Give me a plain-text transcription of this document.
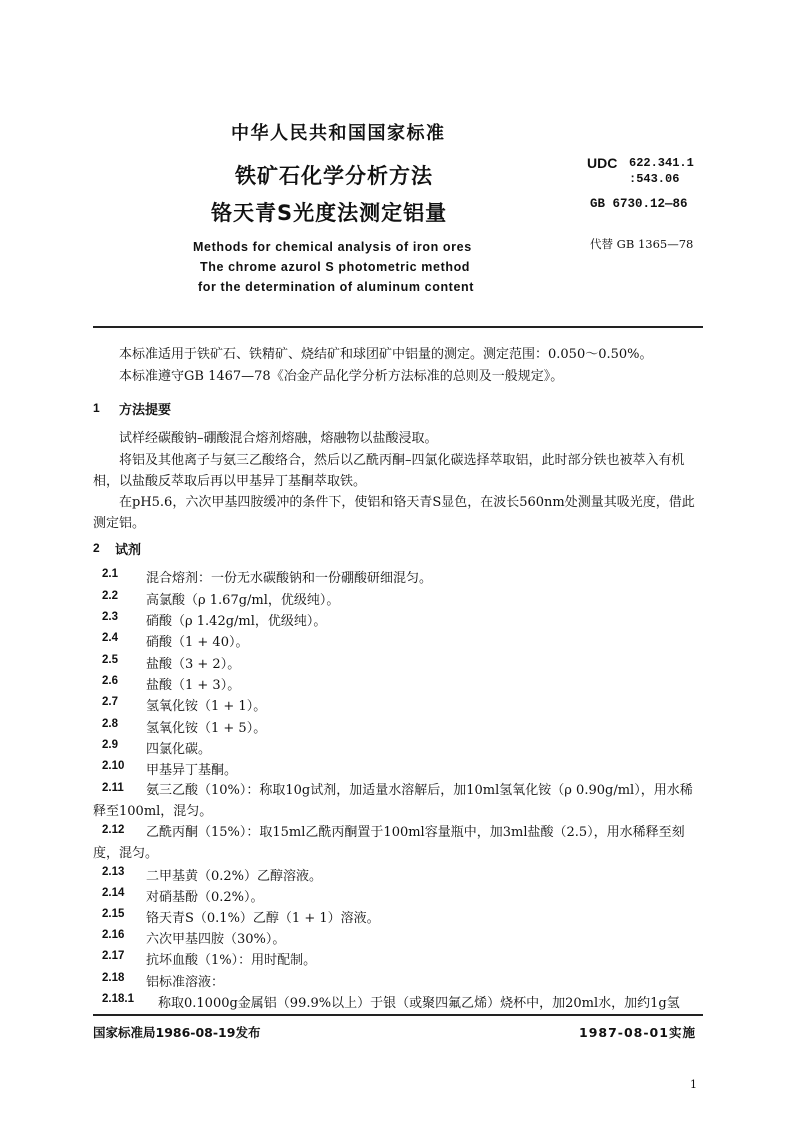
中华人民共和国国家标准
铁矿石化学分析方法
铬天青S光度法测定铝量
Methods for chemical analysis of iron ores
The chrome azurol S photometric method
for the determination of aluminum content
UDC 622.341.1
:543.06
GB 6730.12—86
代替 GB 1365—78
本标准适用于铁矿石、铁精矿、烧结矿和球团矿中铝量的测定。测定范围：0.050～0.50%。
本标准遵守GB 1467—78《冶金产品化学分析方法标准的总则及一般规定》。
1 方法提要
试样经碳酸钠–硼酸混合熔剂熔融，熔融物以盐酸浸取。
将铝及其他离子与氨三乙酸络合，然后以乙酰丙酮–四氯化碳选择萃取铝，此时部分铁也被萃入有机相，以盐酸反萃取后再以甲基异丁基酮萃取铁。
在pH5.6，六次甲基四胺缓冲的条件下，使铝和铬天青S显色，在波长560nm处测量其吸光度，借此测定铝。
2 试剂
2.1 混合熔剂：一份无水碳酸钠和一份硼酸研细混匀。
2.2 高氯酸（ρ 1.67g/ml，优级纯）。
2.3 硝酸（ρ 1.42g/ml，优级纯）。
2.4 硝酸（1 + 40）。
2.5 盐酸（3 + 2）。
2.6 盐酸（1 + 3）。
2.7 氢氧化铵（1 + 1）。
2.8 氢氧化铵（1 + 5）。
2.9 四氯化碳。
2.10 甲基异丁基酮。
2.11	氨三乙酸（10%）：称取10g试剂，加适量水溶解后，加10ml氢氧化铵（ρ 0.90g/ml），用水稀释至100ml，混匀。
2.12	乙酰丙酮（15%）：取15ml乙酰丙酮置于100ml容量瓶中，加3ml盐酸（2.5），用水稀释至刻度，混匀。
2.13 二甲基黄（0.2%）乙醇溶液。
2.14 对硝基酚（0.2%）。
2.15 铬天青S（0.1%）乙醇（1 + 1）溶液。
2.16 六次甲基四胺（30%）。
2.17 抗坏血酸（1%）：用时配制。
2.18 铝标准溶液：
2.18.1 称取0.1000g金属铝（99.9%以上）于银（或聚四氟乙烯）烧杯中，加20ml水，加约1g氢
国家标准局1986-08-19发布	1987-08-01实施
1
